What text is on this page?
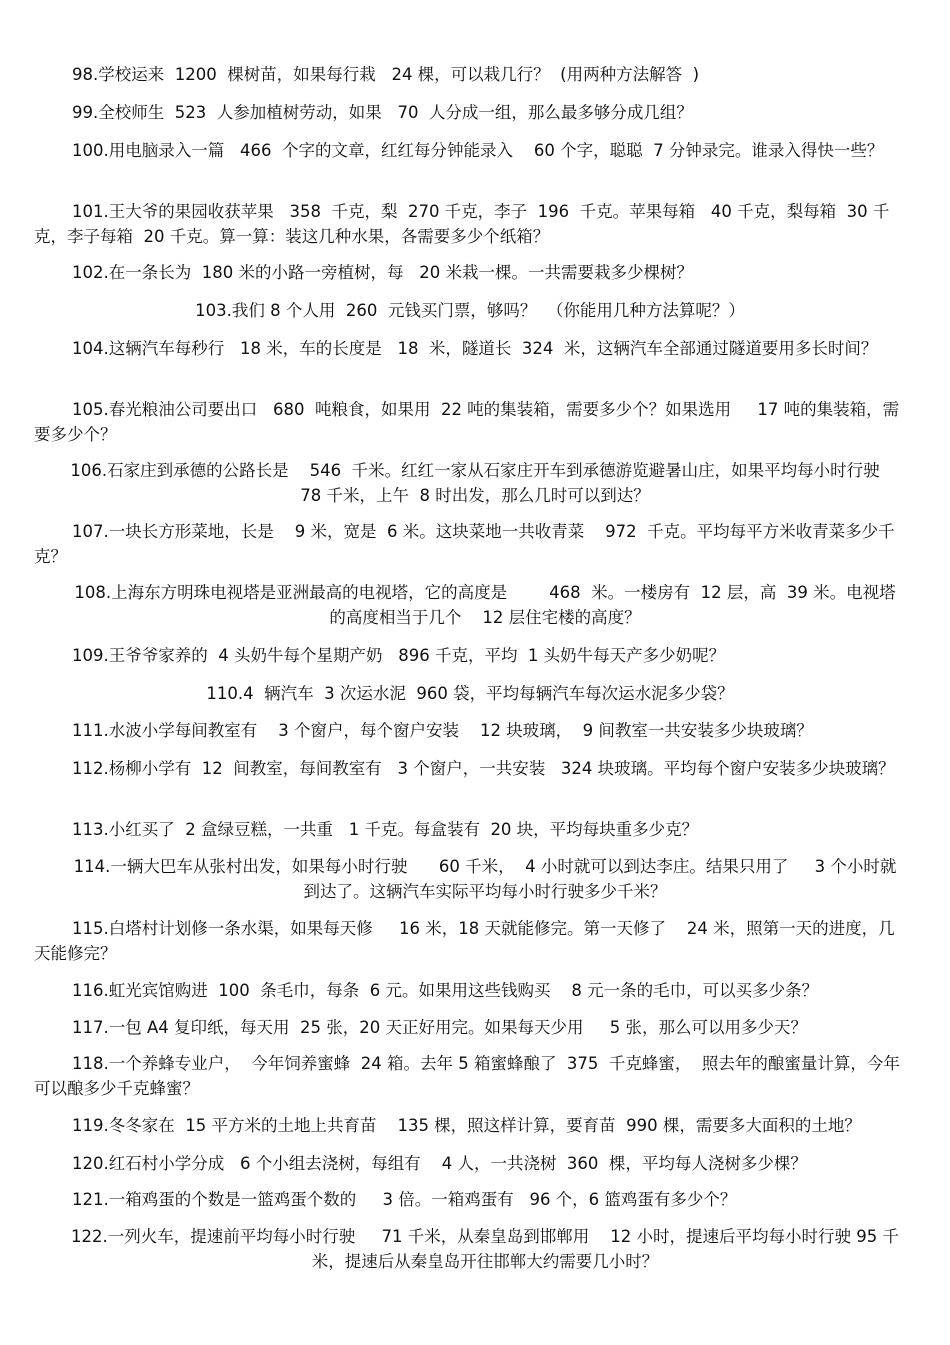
98.学校运来  1200  棵树苗，如果每行栽   24 棵，可以栽几行？  (用两种方法解答  )
99.全校师生  523  人参加植树劳动，如果   70  人分成一组，那么最多够分成几组？
100.用电脑录入一篇   466  个字的文章，红红每分钟能录入    60 个字，聪聪  7 分钟录完。谁录入得快一些？
101.王大爷的果园收获苹果   358  千克，梨  270 千克，李子  196  千克。苹果每箱   40 千克，梨每箱  30 千克，李子每箱  20 千克。算一算：装这几种水果，各需要多少个纸箱？
102.在一条长为  180 米的小路一旁植树，每   20 米栽一棵。一共需要栽多少棵树？
103.我们 8 个人用  260  元钱买门票，够吗？  （你能用几种方法算呢？）
104.这辆汽车每秒行   18 米，车的长度是   18  米，隧道长  324  米，这辆汽车全部通过隧道要用多长时间？
105.春光粮油公司要出口   680  吨粮食，如果用  22 吨的集装箱，需要多少个？如果选用     17 吨的集装箱，需要多少个？
106.石家庄到承德的公路长是    546  千米。红红一家从石家庄开车到承德游览避暑山庄，如果平均每小时行驶  78 千米，上午  8 时出发，那么几时可以到达？
107.一块长方形菜地，长是    9 米，宽是  6 米。这块菜地一共收青菜    972  千克。平均每平方米收青菜多少千克？
108.上海东方明珠电视塔是亚洲最高的电视塔，它的高度是        468  米。一楼房有  12 层，高  39 米。电视塔的高度相当于几个    12 层住宅楼的高度？
109.王爷爷家养的  4 头奶牛每个星期产奶   896 千克，平均  1 头奶牛每天产多少奶呢？
110.4  辆汽车  3 次运水泥  960 袋，平均每辆汽车每次运水泥多少袋？
111.水波小学每间教室有    3 个窗户，每个窗户安装    12 块玻璃，  9 间教室一共安装多少块玻璃？
112.杨柳小学有  12  间教室，每间教室有   3 个窗户，一共安装   324 块玻璃。平均每个窗户安装多少块玻璃？
113.小红买了  2 盒绿豆糕，一共重   1 千克。每盒装有  20 块，平均每块重多少克？
114.一辆大巴车从张村出发，如果每小时行驶      60 千米，  4 小时就可以到达李庄。结果只用了     3 个小时就到达了。这辆汽车实际平均每小时行驶多少千米？
115.白塔村计划修一条水渠，如果每天修     16 米，18 天就能修完。第一天修了    24 米，照第一天的进度，几天能修完？
116.虹光宾馆购进  100  条毛巾，每条  6 元。如果用这些钱购买    8 元一条的毛巾，可以买多少条？
117.一包 A4 复印纸，每天用  25 张，20 天正好用完。如果每天少用     5 张，那么可以用多少天？
118.一个养蜂专业户，  今年饲养蜜蜂  24 箱。去年 5 箱蜜蜂酿了  375  千克蜂蜜，  照去年的酿蜜量计算，今年可以酿多少千克蜂蜜？
119.冬冬家在  15 平方米的土地上共育苗    135 棵，照这样计算，要育苗  990 棵，需要多大面积的土地？
120.红石村小学分成   6 个小组去浇树，每组有    4 人，一共浇树  360  棵，平均每人浇树多少棵？
121.一箱鸡蛋的个数是一篮鸡蛋个数的     3 倍。一箱鸡蛋有   96 个，6 篮鸡蛋有多少个？
122.一列火车，提速前平均每小时行驶     71 千米，从秦皇岛到邯郸用    12 小时，提速后平均每小时行驶 95 千米，提速后从秦皇岛开往邯郸大约需要几小时？
